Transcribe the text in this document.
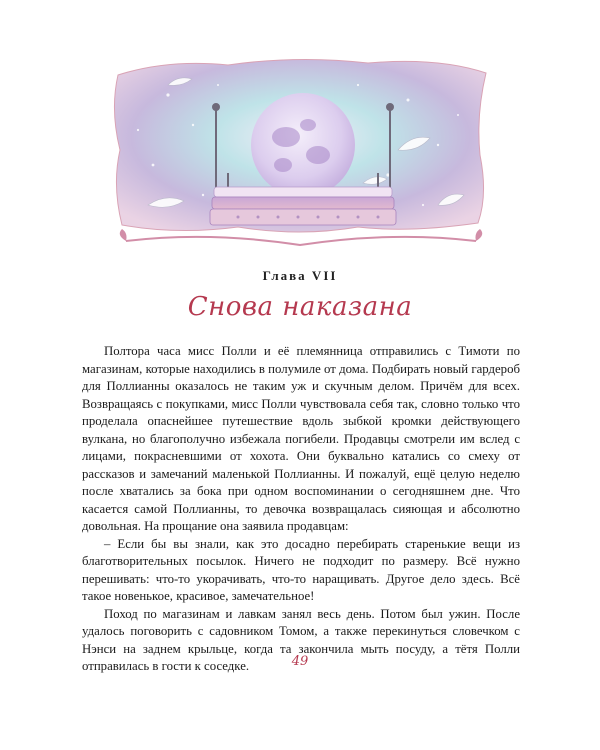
Глава VII
Снова наказана

Полтора часа мисс Полли и её племянница отправились с Тимоти по магазинам, которые находились в полумиле от дома. Подбирать новый гардероб для Поллианны оказалось не таким уж и скучным делом. Причём для всех. Возвращаясь с покупками, мисс Полли чувствовала себя так, словно только что проделала опаснейшее путешествие вдоль зыбкой кромки действующего вулкана, но благополучно избежала погибели. Продавцы смотрели им вслед с лицами, покрасневшими от хохота. Они буквально катались со смеху от рассказов и замечаний маленькой Поллианны. И пожалуй, ещё целую неделю после хватались за бока при одном воспоминании о сегодняшнем дне. Что касается самой Поллианны, то девочка возвращалась сияющая и абсолютно довольная. На прощание она заявила продавцам:

– Если бы вы знали, как это досадно перебирать старенькие вещи из благотворительных посылок. Ничего не подходит по размеру. Всё нужно перешивать: что-то укорачивать, что-то наращивать. Другое дело здесь. Всё такое новенькое, красивое, замечательное!

Поход по магазинам и лавкам занял весь день. Потом был ужин. После удалось поговорить с садовником Томом, а также перекинуться словечком с Нэнси на заднем крыльце, когда та закончила мыть посуду, а тётя Полли отправилась в гости к соседке.	49
